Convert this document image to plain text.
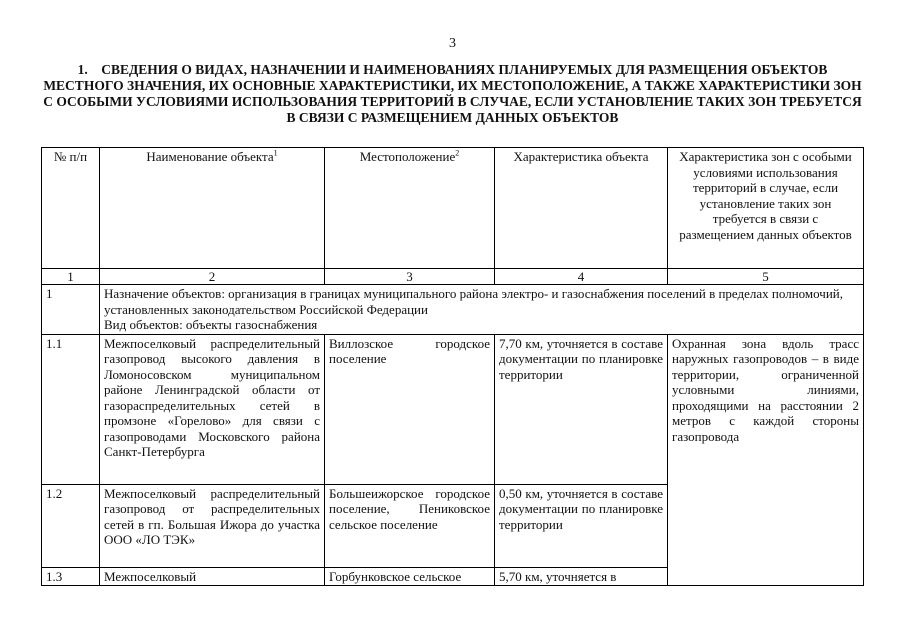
3
1. СВЕДЕНИЯ О ВИДАХ, НАЗНАЧЕНИИ И НАИМЕНОВАНИЯХ ПЛАНИРУЕМЫХ ДЛЯ РАЗМЕЩЕНИЯ ОБЪЕКТОВ МЕСТНОГО ЗНАЧЕНИЯ, ИХ ОСНОВНЫЕ ХАРАКТЕРИСТИКИ, ИХ МЕСТОПОЛОЖЕНИЕ, А ТАКЖЕ ХАРАКТЕРИСТИКИ ЗОН С ОСОБЫМИ УСЛОВИЯМИ ИСПОЛЬЗОВАНИЯ ТЕРРИТОРИЙ В СЛУЧАЕ, ЕСЛИ УСТАНОВЛЕНИЕ ТАКИХ ЗОН ТРЕБУЕТСЯ В СВЯЗИ С РАЗМЕЩЕНИЕМ ДАННЫХ ОБЪЕКТОВ
№ п/п	Наименование объекта$^1$	Местоположение$^2$	Характеристика объекта	Характеристика зон с особыми условиями использования территорий в случае, если установление таких зон требуется в связи с размещением данных объектов
1	2	3	4	5
1	Назначение объектов: организация в границах муниципального района электро- и газоснабжения поселений в пределах полномочий, установленных законодательством Российской Федерации
Вид объектов: объекты газоснабжения			

1.1	Межпоселковый распределительный газопровод высокого давления в Ломоносовском муниципальном районе Ленинградской области от газораспределительных сетей в промзоне «Горелово» для связи с газопроводами Московского района Санкт-Петербурга	Виллозское городское поселение	7,70 км, уточняется в составе документации по планировке территории	Охранная зона вдоль трасс наружных газопроводов – в виде территории, ограниченной условными линиями, проходящими на расстоянии 2 метров с каждой стороны газопровода
1.2	Межпоселковый распределительный газопровод от распределительных сетей в гп. Большая Ижора до участка ООО «ЛО ТЭК»	Большеижорское городское поселение, Пениковское сельское поселение	0,50 км, уточняется в составе документации по планировке территории	
1.3	Межпоселковый	Горбунковское сельское	5,70 км, уточняется в	
